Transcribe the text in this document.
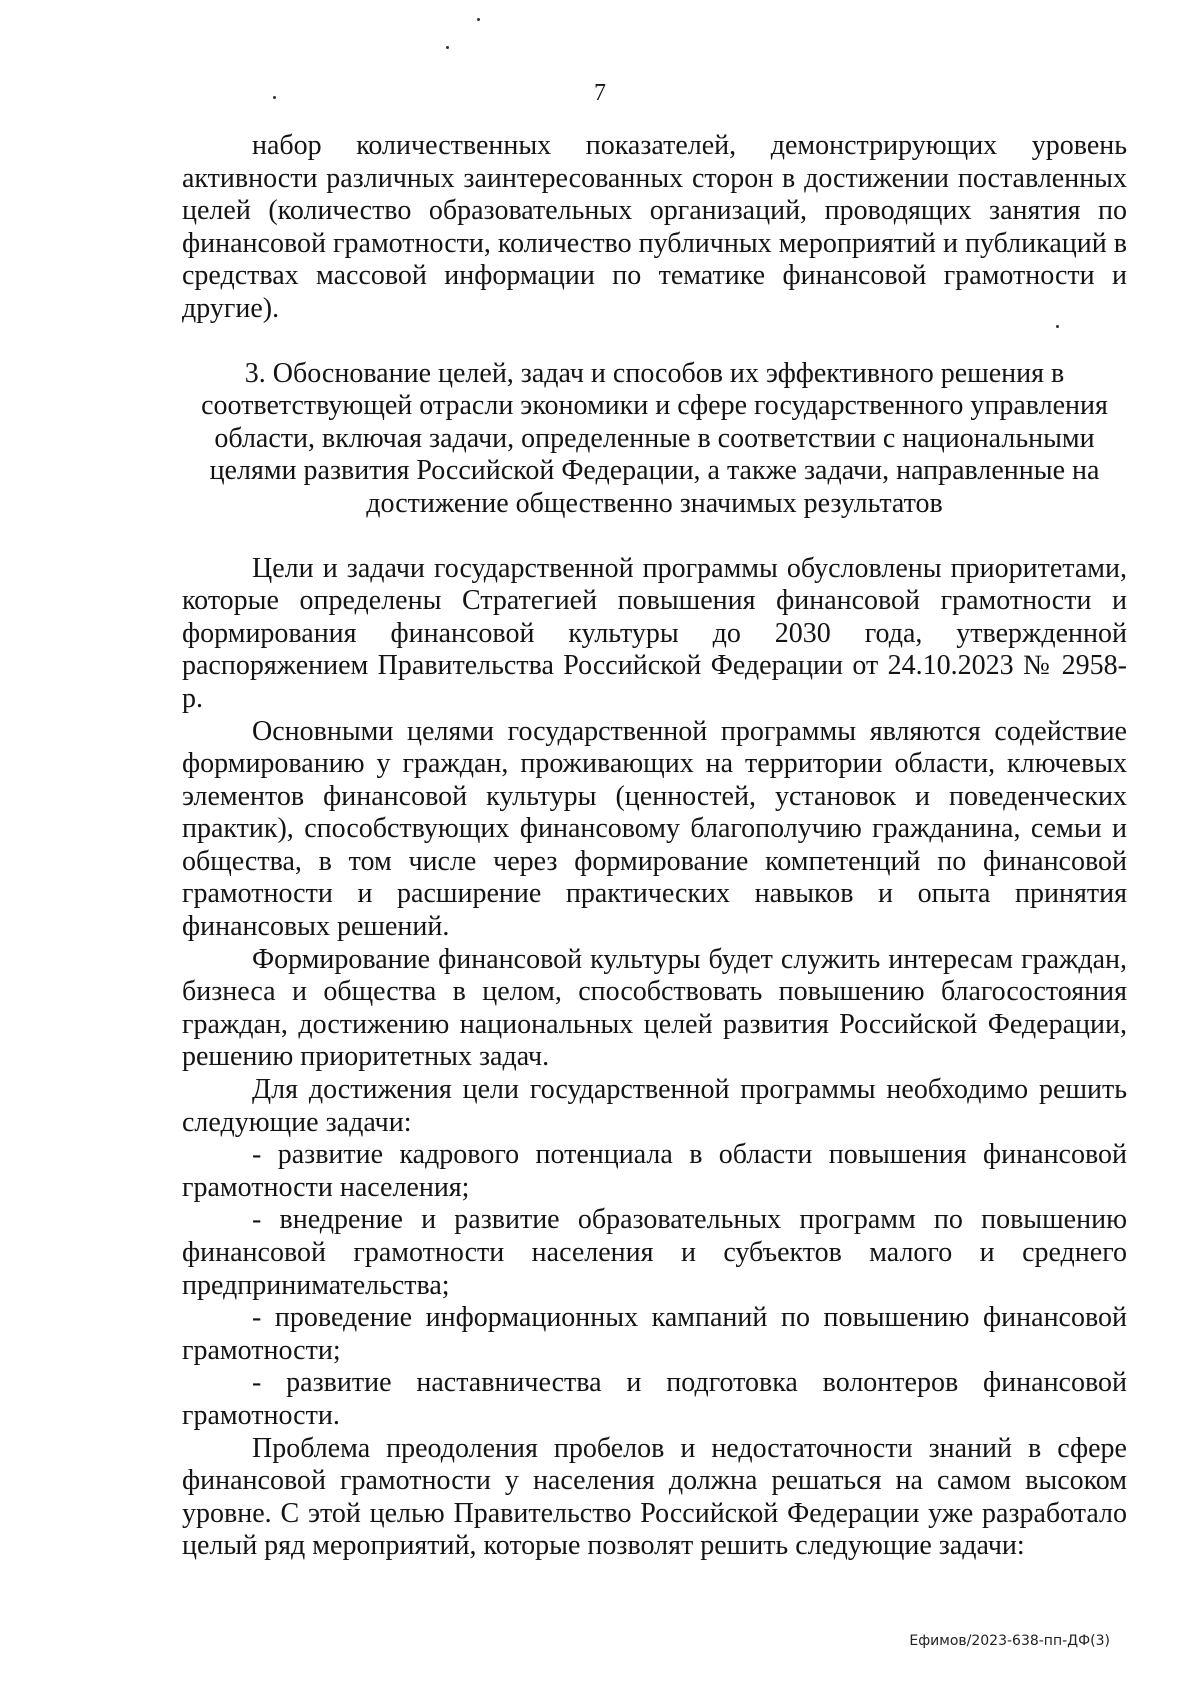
7

набор количественных показателей, демонстрирующих уровень активности различных заинтересованных сторон в достижении поставленных целей (количество образовательных организаций, проводящих занятия по финансовой грамотности, количество публичных мероприятий и публикаций в средствах массовой информации по тематике финансовой грамотности и другие).

3. Обоснование целей, задач и способов их эффективного решения в соответствующей отрасли экономики и сфере государственного управления области, включая задачи, определенные в соответствии с национальными целями развития Российской Федерации, а также задачи, направленные на достижение общественно значимых результатов

Цели и задачи государственной программы обусловлены приоритетами, которые определены Стратегией повышения финансовой грамотности и формирования финансовой культуры до 2030 года, утвержденной распоряжением Правительства Российской Федерации от 24.10.2023 № 2958-р.

Основными целями государственной программы являются содействие формированию у граждан, проживающих на территории области, ключевых элементов финансовой культуры (ценностей, установок и поведенческих практик), способствующих финансовому благополучию гражданина, семьи и общества, в том числе через формирование компетенций по финансовой грамотности и расширение практических навыков и опыта принятия финансовых решений.

Формирование финансовой культуры будет служить интересам граждан, бизнеса и общества в целом, способствовать повышению благосостояния граждан, достижению национальных целей развития Российской Федерации, решению приоритетных задач.

Для достижения цели государственной программы необходимо решить следующие задачи:

- развитие кадрового потенциала в области повышения финансовой грамотности населения;

- внедрение и развитие образовательных программ по повышению финансовой грамотности населения и субъектов малого и среднего предпринимательства;

- проведение информационных кампаний по повышению финансовой грамотности;

- развитие наставничества и подготовка волонтеров финансовой грамотности.

Проблема преодоления пробелов и недостаточности знаний в сфере финансовой грамотности у населения должна решаться на самом высоком уровне. С этой целью Правительство Российской Федерации уже разработало целый ряд мероприятий, которые позволят решить следующие задачи:

Ефимов/2023-638-пп-ДФ(3)
